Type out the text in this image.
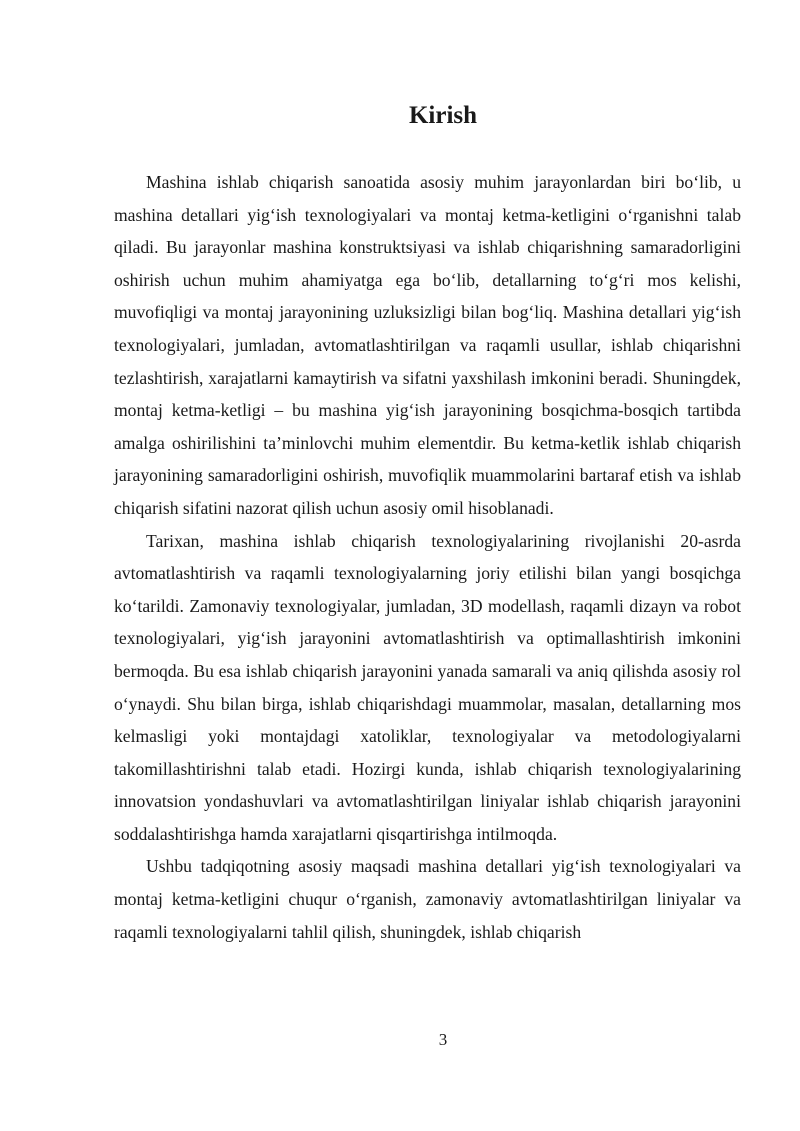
Kirish

Mashina ishlab chiqarish sanoatida asosiy muhim jarayonlardan biri bo‘lib, u mashina detallari yig‘ish texnologiyalari va montaj ketma-ketligini o‘rganishni talab qiladi. Bu jarayonlar mashina konstruktsiyasi va ishlab chiqarishning samaradorligini oshirish uchun muhim ahamiyatga ega bo‘lib, detallarning to‘g‘ri mos kelishi, muvofiqligi va montaj jarayonining uzluksizligi bilan bog‘liq. Mashina detallari yig‘ish texnologiyalari, jumladan, avtomatlashtirilgan va raqamli usullar, ishlab chiqarishni tezlashtirish, xarajatlarni kamaytirish va sifatni yaxshilash imkonini beradi. Shuningdek, montaj ketma-ketligi – bu mashina yig‘ish jarayonining bosqichma-bosqich tartibda amalga oshirilishini ta’minlovchi muhim elementdir. Bu ketma-ketlik ishlab chiqarish jarayonining samaradorligini oshirish, muvofiqlik muammolarini bartaraf etish va ishlab chiqarish sifatini nazorat qilish uchun asosiy omil hisoblanadi.

Tarixan, mashina ishlab chiqarish texnologiyalarining rivojlanishi 20-asrda avtomatlashtirish va raqamli texnologiyalarning joriy etilishi bilan yangi bosqichga ko‘tarildi. Zamonaviy texnologiyalar, jumladan, 3D modellash, raqamli dizayn va robot texnologiyalari, yig‘ish jarayonini avtomatlashtirish va optimallashtirish imkonini bermoqda. Bu esa ishlab chiqarish jarayonini yanada samarali va aniq qilishda asosiy rol o‘ynaydi. Shu bilan birga, ishlab chiqarishdagi muammolar, masalan, detallarning mos kelmasligi yoki montajdagi xatoliklar, texnologiyalar va metodologiyalarni takomillashtirishni talab etadi. Hozirgi kunda, ishlab chiqarish texnologiyalarining innovatsion yondashuvlari va avtomatlashtirilgan liniyalar ishlab chiqarish jarayonini soddalashtirishga hamda xarajatlarni qisqartirishga intilmoqda.

Ushbu tadqiqotning asosiy maqsadi mashina detallari yig‘ish texnologiyalari va montaj ketma-ketligini chuqur o‘rganish, zamonaviy avtomatlashtirilgan liniyalar va raqamli texnologiyalarni tahlil qilish, shuningdek, ishlab chiqarish

3
